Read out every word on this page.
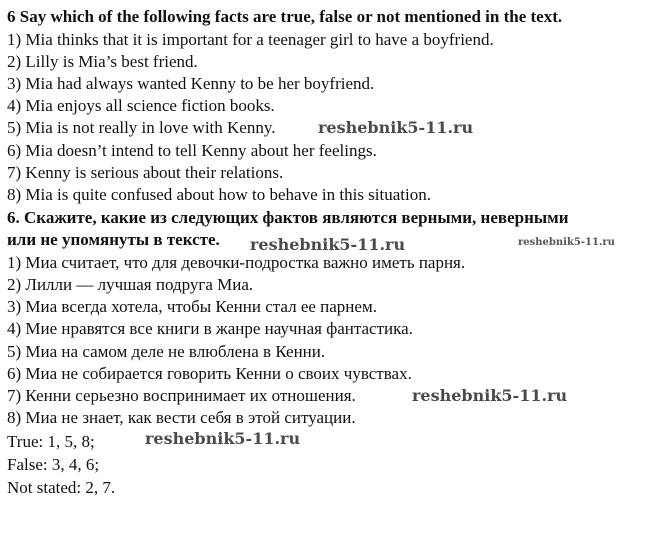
6 Say which of the following facts are true, false or not mentioned in the text.
1) Mia thinks that it is important for a teenager girl to have a boyfriend.
2) Lilly is Mia’s best friend.
3) Mia had always wanted Kenny to be her boyfriend.
4) Mia enjoys all science fiction books.
5) Mia is not really in love with Kenny.
6) Mia doesn’t intend to tell Kenny about her feelings.
7) Kenny is serious about their relations.
8) Mia is quite confused about how to behave in this situation.
6. Скажите, какие из следующих фактов являются верными, неверными
или не упомянуты в тексте.
1) Миа считает, что для девочки-подростка важно иметь парня.
2) Лилли — лучшая подруга Миа.
3) Миа всегда хотела, чтобы Кенни стал ее парнем.
4) Мие нравятся все книги в жанре научная фантастика.
5) Миа на самом деле не влюблена в Кенни.
6) Миа не собирается говорить Кенни о своих чувствах.
7) Кенни серьезно воспринимает их отношения.
8) Миа не знает, как вести себя в этой ситуации.
True: 1, 5, 8;
False: 3, 4, 6;
Not stated: 2, 7.
reshebnik5-11.ru
reshebnik5-11.ru	reshebnik5-11.ru
reshebnik5-11.ru
reshebnik5-11.ru
